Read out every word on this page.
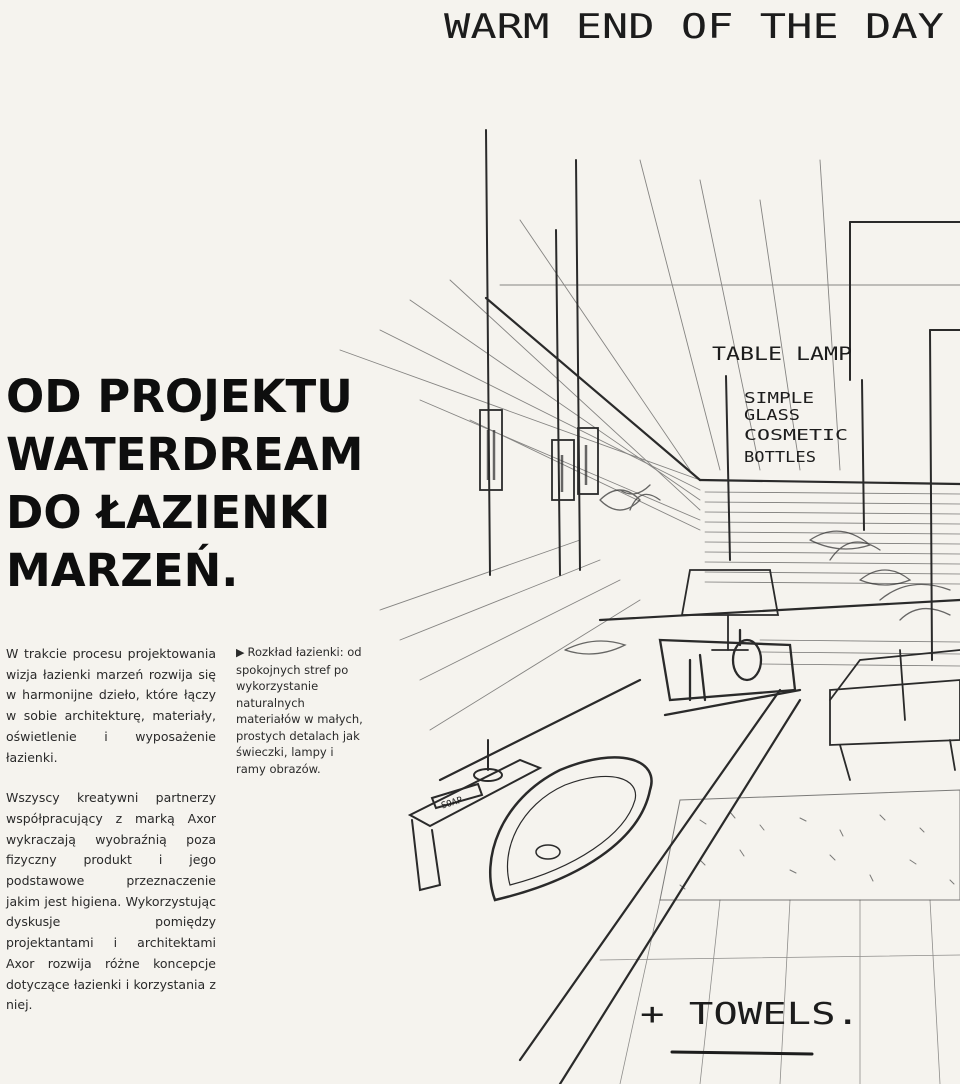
WARM END OF THE DAY
SOAP
TABLE LAMP
SIMPLE
GLASS
COSMETIC
BOTTLES
+ TOWELS.
OD PROJEKTU
WATERDREAM
DO ŁAZIENKI
MARZEŃ.

W trakcie procesu projektowania wizja łazienki marzeń rozwija się w harmonijne dzieło, które łączy w sobie architekturę, materiały, oświetlenie i wyposażenie łazienki.

Wszyscy kreatywni partnerzy współpracujący z marką Axor wykraczają wyobraźnią poza fizyczny produkt i jego podstawowe przeznaczenie jakim jest higiena. Wykorzystując dyskusje pomiędzy projektantami i architektami Axor rozwija różne koncepcje dotyczące łazienki i korzystania z niej.

▶ Rozkład łazienki: od spokojnych stref po wykorzystanie naturalnych materiałów w małych, prostych detalach jak świeczki, lampy i ramy obrazów.
